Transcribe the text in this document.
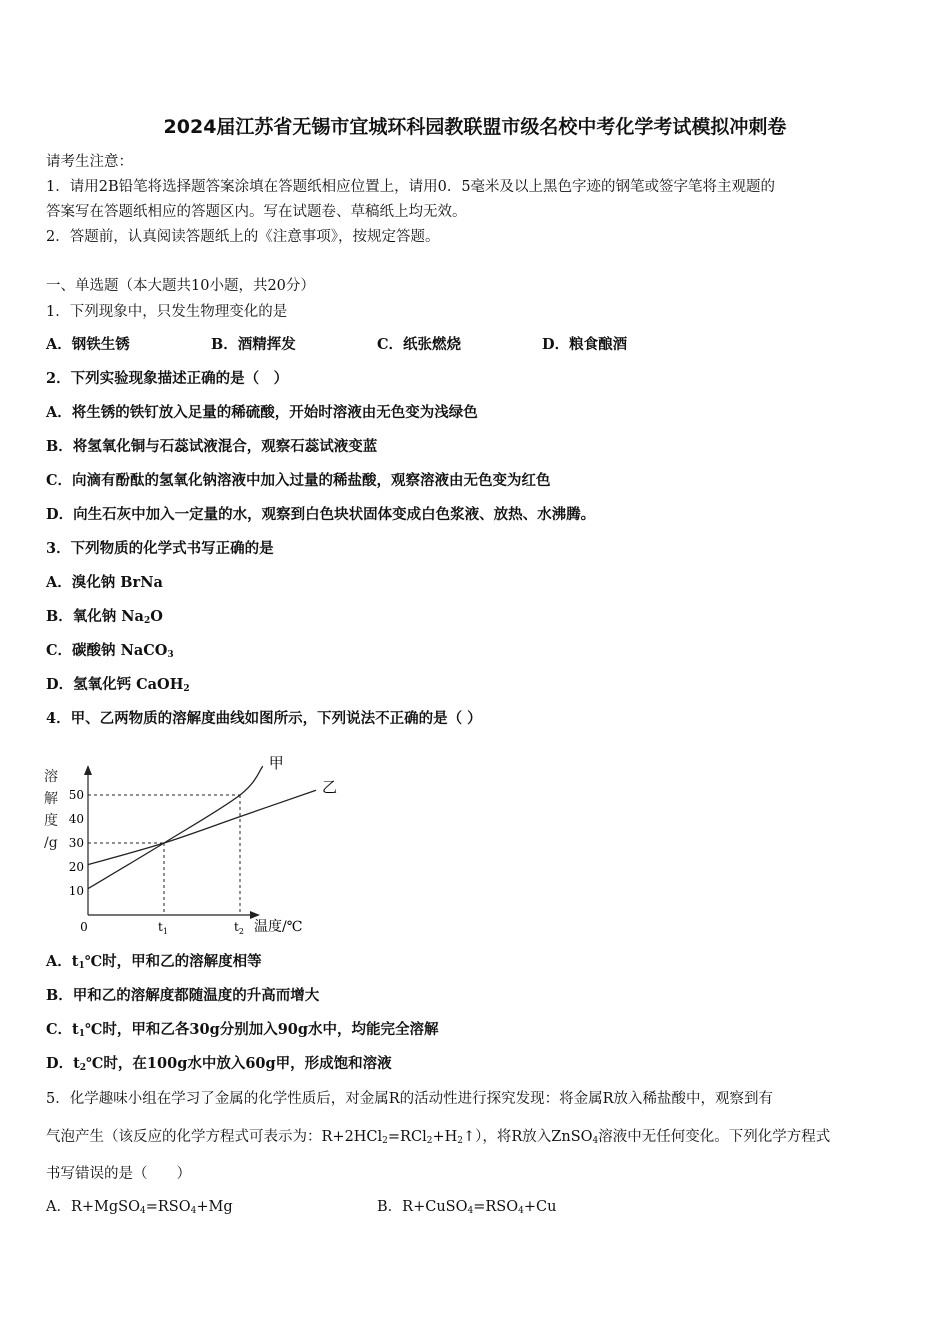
2024届江苏省无锡市宜城环科园教联盟市级名校中考化学考试模拟冲刺卷
请考生注意：
1．请用2B铅笔将选择题答案涂填在答题纸相应位置上，请用0．5毫米及以上黑色字迹的钢笔或签字笔将主观题的
答案写在答题纸相应的答题区内。写在试题卷、草稿纸上均无效。
2．答题前，认真阅读答题纸上的《注意事项》，按规定答题。
一、单选题（本大题共10小题，共20分）
1．下列现象中，只发生物理变化的是
A．钢铁生锈	B．酒精挥发	C．纸张燃烧	D．粮食酿酒
2．下列实验现象描述正确的是（　）
A．将生锈的铁钉放入足量的稀硫酸，开始时溶液由无色变为浅绿色
B．将氢氧化铜与石蕊试液混合，观察石蕊试液变蓝
C．向滴有酚酞的氢氧化钠溶液中加入过量的稀盐酸，观察溶液由无色变为红色
D．向生石灰中加入一定量的水，观察到白色块状固体变成白色浆液、放热、水沸腾。
3．下列物质的化学式书写正确的是
A．溴化钠 BrNa
B．氧化钠 $Na_2O$
C．碳酸钠 NaCO$_3$
D．氢氧化钙 CaOH$_2$
4．甲、乙两物质的溶解度曲线如图所示，下列说法不正确的是（ ）
溶
解
度
/g
0
10
20
30
40
50
$t_1$	$t_2$ 温度/℃
甲
乙
A．$t_1℃$时，甲和乙的溶解度相等
B．甲和乙的溶解度都随温度的升高而增大
C．$t_1℃$时，甲和乙各30g分别加入90g水中，均能完全溶解
D．$t_2℃$时，在100g水中放入60g甲，形成饱和溶液
5．化学趣味小组在学习了金属的化学性质后，对金属R的活动性进行探究发现：将金属R放入稀盐酸中，观察到有
气泡产生（该反应的化学方程式可表示为：$R+2HCl_2=RCl_2+H_2↑$），将R放入ZnSO$_4$溶液中无任何变化。下列化学方程式
书写错误的是（　　）
A．$R+MgSO_4=RSO_4+Mg$	B．$R+CuSO_4=RSO_4+Cu$
